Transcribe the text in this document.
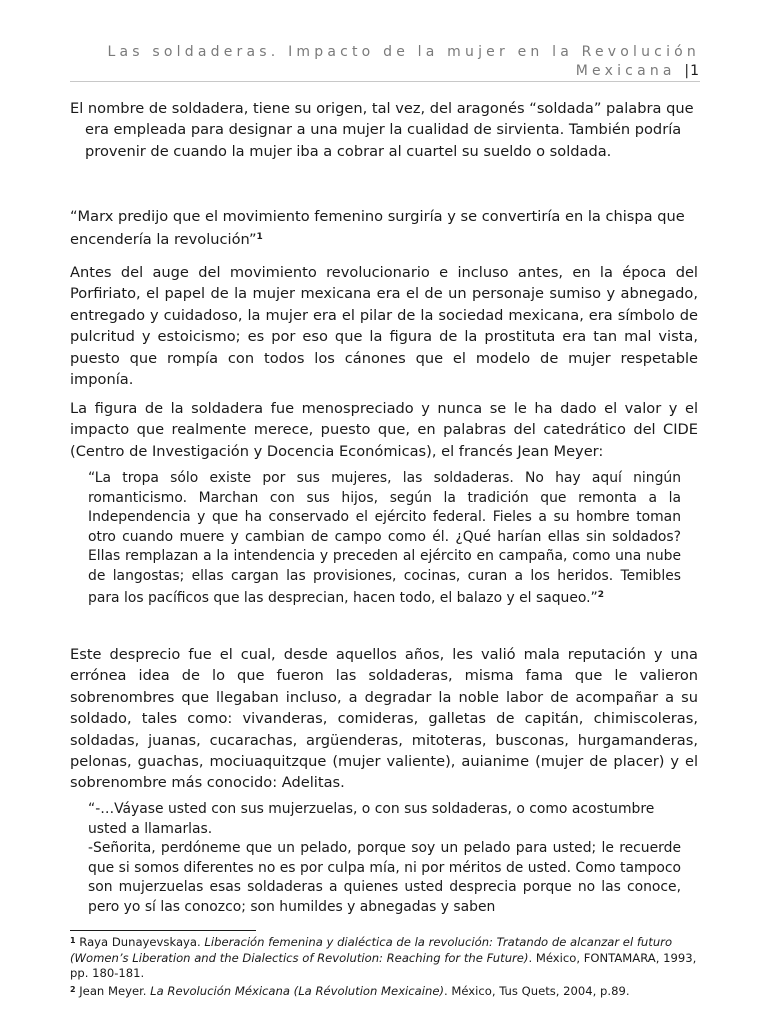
Las soldaderas. Impacto de la mujer en la Revolución Mexicana |1
El nombre de soldadera, tiene su origen, tal vez, del aragonés “soldada” palabra que era empleada para designar a una mujer la cualidad de sirvienta. También podría provenir de cuando la mujer iba a cobrar al cuartel su sueldo o soldada.
“Marx predijo que el movimiento femenino surgiría y se convertiría en la chispa que encendería la revolución”$^1$
Antes del auge del movimiento revolucionario e incluso antes, en la época del Porfiriato, el papel de la mujer mexicana era el de un personaje sumiso y abnegado, entregado y cuidadoso, la mujer era el pilar de la sociedad mexicana, era símbolo de pulcritud y estoicismo; es por eso que la figura de la prostituta era tan mal vista, puesto que rompía con todos los cánones que el modelo de mujer respetable imponía.
La figura de la soldadera fue menospreciado y nunca se le ha dado el valor y el impacto que realmente merece, puesto que, en palabras del catedrático del CIDE (Centro de Investigación y Docencia Económicas), el francés Jean Meyer:
“La tropa sólo existe por sus mujeres, las soldaderas. No hay aquí ningún romanticismo. Marchan con sus hijos, según la tradición que remonta a la Independencia y que ha conservado el ejército federal. Fieles a su hombre toman otro cuando muere y cambian de campo como él. ¿Qué harían ellas sin soldados? Ellas remplazan a la intendencia y preceden al ejército en campaña, como una nube de langostas; ellas cargan las provisiones, cocinas, curan a los heridos. Temibles para los pacíficos que las desprecian, hacen todo, el balazo y el saqueo.”$^2$
Este desprecio fue el cual, desde aquellos años, les valió mala reputación y una errónea idea de lo que fueron las soldaderas, misma fama que le valieron sobrenombres que llegaban incluso, a degradar la noble labor de acompañar a su soldado, tales como: vivanderas, comideras, galletas de capitán, chimiscoleras, soldadas, juanas, cucarachas, argüenderas, mitoteras, busconas, hurgamanderas, pelonas, guachas, mociuaquitzque (mujer valiente), auianime (mujer de placer) y el sobrenombre más conocido: Adelitas.

“-…Váyase usted con sus mujerzuelas, o con sus soldaderas, o como acostumbre usted a llamarlas.

-Señorita, perdóneme que un pelado, porque soy un pelado para usted; le recuerde que si somos diferentes no es por culpa mía, ni por méritos de usted. Como tampoco son mujerzuelas esas soldaderas a quienes usted desprecia porque no las conoce, pero yo sí las conozco; son humildes y abnegadas y saben

$^1$ Raya Dunayevskaya. Liberación femenina y dialéctica de la revolución: Tratando de alcanzar el futuro (Women’s Liberation and the Dialectics of Revolution: Reaching for the Future). México, FONTAMARA, 1993, pp. 180-181.

$^2$ Jean Meyer. La Revolución Méxicana (La Révolution Mexicaine). México, Tus Quets, 2004, p.89.
